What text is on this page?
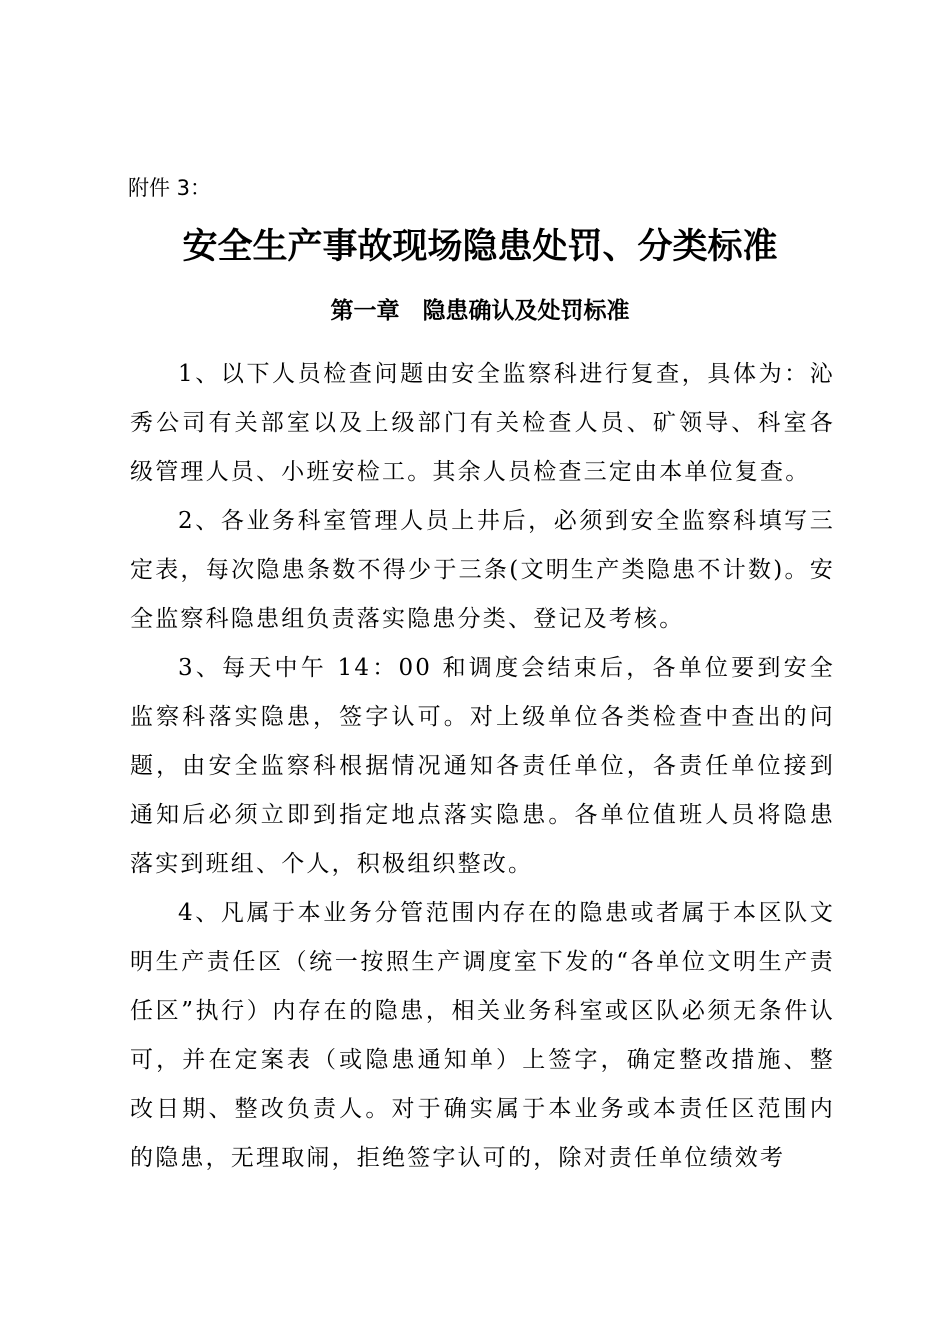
附件 3：
安全生产事故现场隐患处罚、分类标准
第一章　隐患确认及处罚标准

1、以下人员检查问题由安全监察科进行复查，具体为：沁秀公司有关部室以及上级部门有关检查人员、矿领导、科室各级管理人员、小班安检工。其余人员检查三定由本单位复查。

2、各业务科室管理人员上井后，必须到安全监察科填写三定表，每次隐患条数不得少于三条(文明生产类隐患不计数)。安全监察科隐患组负责落实隐患分类、登记及考核。

3、每天中午 14：00 和调度会结束后，各单位要到安全监察科落实隐患，签字认可。对上级单位各类检查中查出的问题，由安全监察科根据情况通知各责任单位，各责任单位接到通知后必须立即到指定地点落实隐患。各单位值班人员将隐患落实到班组、个人，积极组织整改。

4、凡属于本业务分管范围内存在的隐患或者属于本区队文明生产责任区（统一按照生产调度室下发的“各单位文明生产责任区”执行）内存在的隐患，相关业务科室或区队必须无条件认可，并在定案表（或隐患通知单）上签字，确定整改措施、整改日期、整改负责人。对于确实属于本业务或本责任区范围内的隐患，无理取闹，拒绝签字认可的，除对责任单位绩效考
